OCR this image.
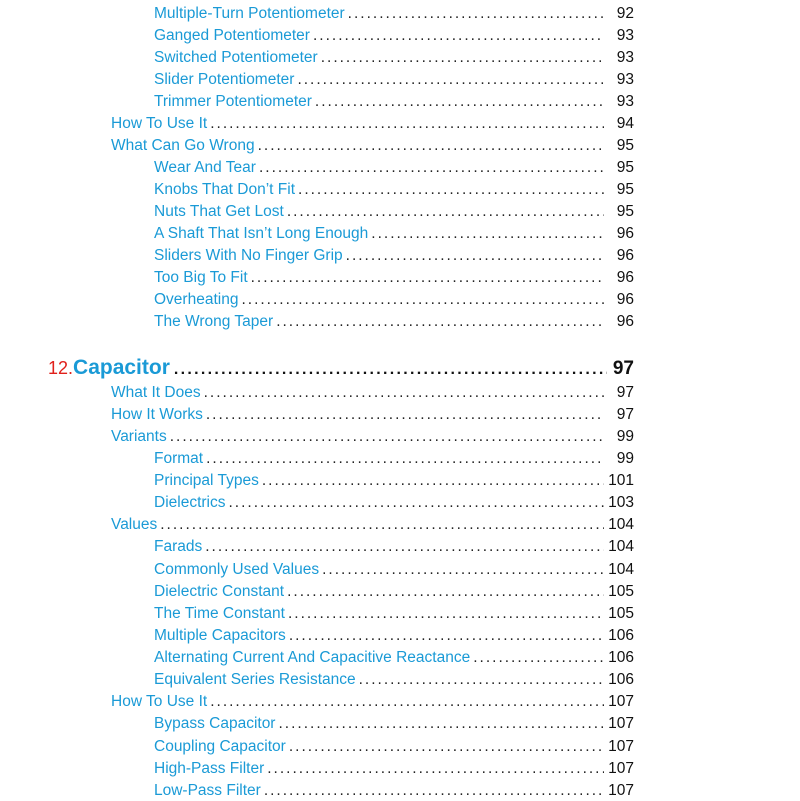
Multiple-Turn Potentiometer .....	92
Ganged Potentiometer .....	93
Switched Potentiometer .....	93
Slider Potentiometer .....	93
Trimmer Potentiometer .....	93
How To Use It .....	94
What Can Go Wrong .....	95
Wear And Tear .....	95
Knobs That Don’t Fit .....	95
Nuts That Get Lost .....	95
A Shaft That Isn’t Long Enough .....	96
Sliders With No Finger Grip .....	96
Too Big To Fit .....	96
Overheating .....	96
The Wrong Taper .....	96
12. Capacitor .....	97
What It Does .....	97
How It Works .....	97
Variants .....	99
Format .....	99
Principal Types .....	101
Dielectrics .....	103
Values .....	104
Farads .....	104
Commonly Used Values .....	104
Dielectric Constant .....	105
The Time Constant .....	105
Multiple Capacitors .....	106
Alternating Current And Capacitive Reactance .....	106
Equivalent Series Resistance .....	106
How To Use It .....	107
Bypass Capacitor .....	107
Coupling Capacitor .....	107
High-Pass Filter .....	107
Low-Pass Filter .....	107
